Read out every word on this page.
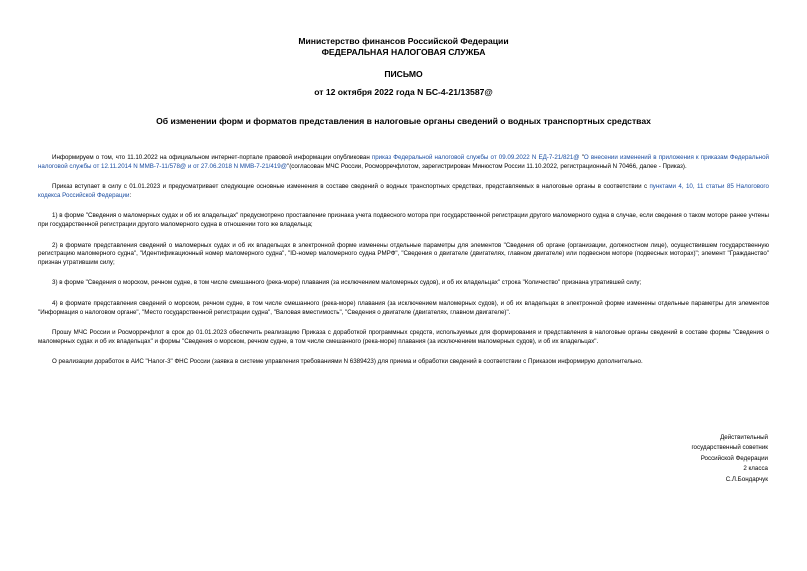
Министерство финансов Российской Федерации
ФЕДЕРАЛЬНАЯ НАЛОГОВАЯ СЛУЖБА
ПИСЬМО
от 12 октября 2022 года N БС-4-21/13587@
Об изменении форм и форматов представления в налоговые органы сведений о водных транспортных средствах

Информируем о том, что 11.10.2022 на официальном интернет-портале правовой информации опубликован приказ Федеральной налоговой службы от 09.09.2022 N ЕД-7-21/821@ "О внесении изменений в приложения к приказам Федеральной налоговой службы от 12.11.2014 N ММВ-7-11/578@ и от 27.06.2018 N ММВ-7-21/419@"(согласован МЧС России, Росморречфлотом, зарегистрирован Минюстом России 11.10.2022, регистрационный N 70466, далее - Приказ).

Приказ вступает в силу с 01.01.2023 и предусматривает следующие основные изменения в составе сведений о водных транспортных средствах, представляемых в налоговые органы в соответствии с пунктами 4, 10, 11 статьи 85 Налогового кодекса Российской Федерации:

1) в форме "Сведения о маломерных судах и об их владельцах" предусмотрено проставление признака учета подвесного мотора при государственной регистрации другого маломерного судна в случае, если сведения о таком моторе ранее учтены при государственной регистрации другого маломерного судна в отношении того же владельца;

2) в формате представления сведений о маломерных судах и об их владельцах в электронной форме изменены отдельные параметры для элементов "Сведения об органе (организации, должностном лице), осуществившем государственную регистрацию маломерного судна", "Идентификационный номер маломерного судна", "ID-номер маломерного судна РМРФ", "Сведения о двигателе (двигателях, главном двигателе) или подвесном моторе (подвесных моторах)"; элемент "Гражданство" признан утратившим силу;

3) в форме "Сведения о морском, речном судне, в том числе смешанного (река-море) плавания (за исключением маломерных судов), и об их владельцах" строка "Количество" признана утратившей силу;

4) в формате представления сведений о морском, речном судне, в том числе смешанного (река-море) плавания (за исключением маломерных судов), и об их владельцах в электронной форме изменены отдельные параметры для элементов "Информация о налоговом органе", "Место государственной регистрации судна", "Валовая вместимость", "Сведения о двигателе (двигателях, главном двигателе)".

Прошу МЧС России и Росморречфлот в срок до 01.01.2023 обеспечить реализацию Приказа с доработкой программных средств, используемых для формирования и представления в налоговые органы сведений в составе формы "Сведения о маломерных судах и об их владельцах" и формы "Сведения о морском, речном судне, в том числе смешанного (река-море) плавания (за исключением маломерных судов), и об их владельцах".

О реализации доработок в АИС "Налог-3" ФНС России (заявка в системе управления требованиями N 6389423) для приема и обработки сведений в соответствии с Приказом информирую дополнительно.

Действительный
государственный советник
Российской Федерации
2 класса
С.Л.Бондарчук
